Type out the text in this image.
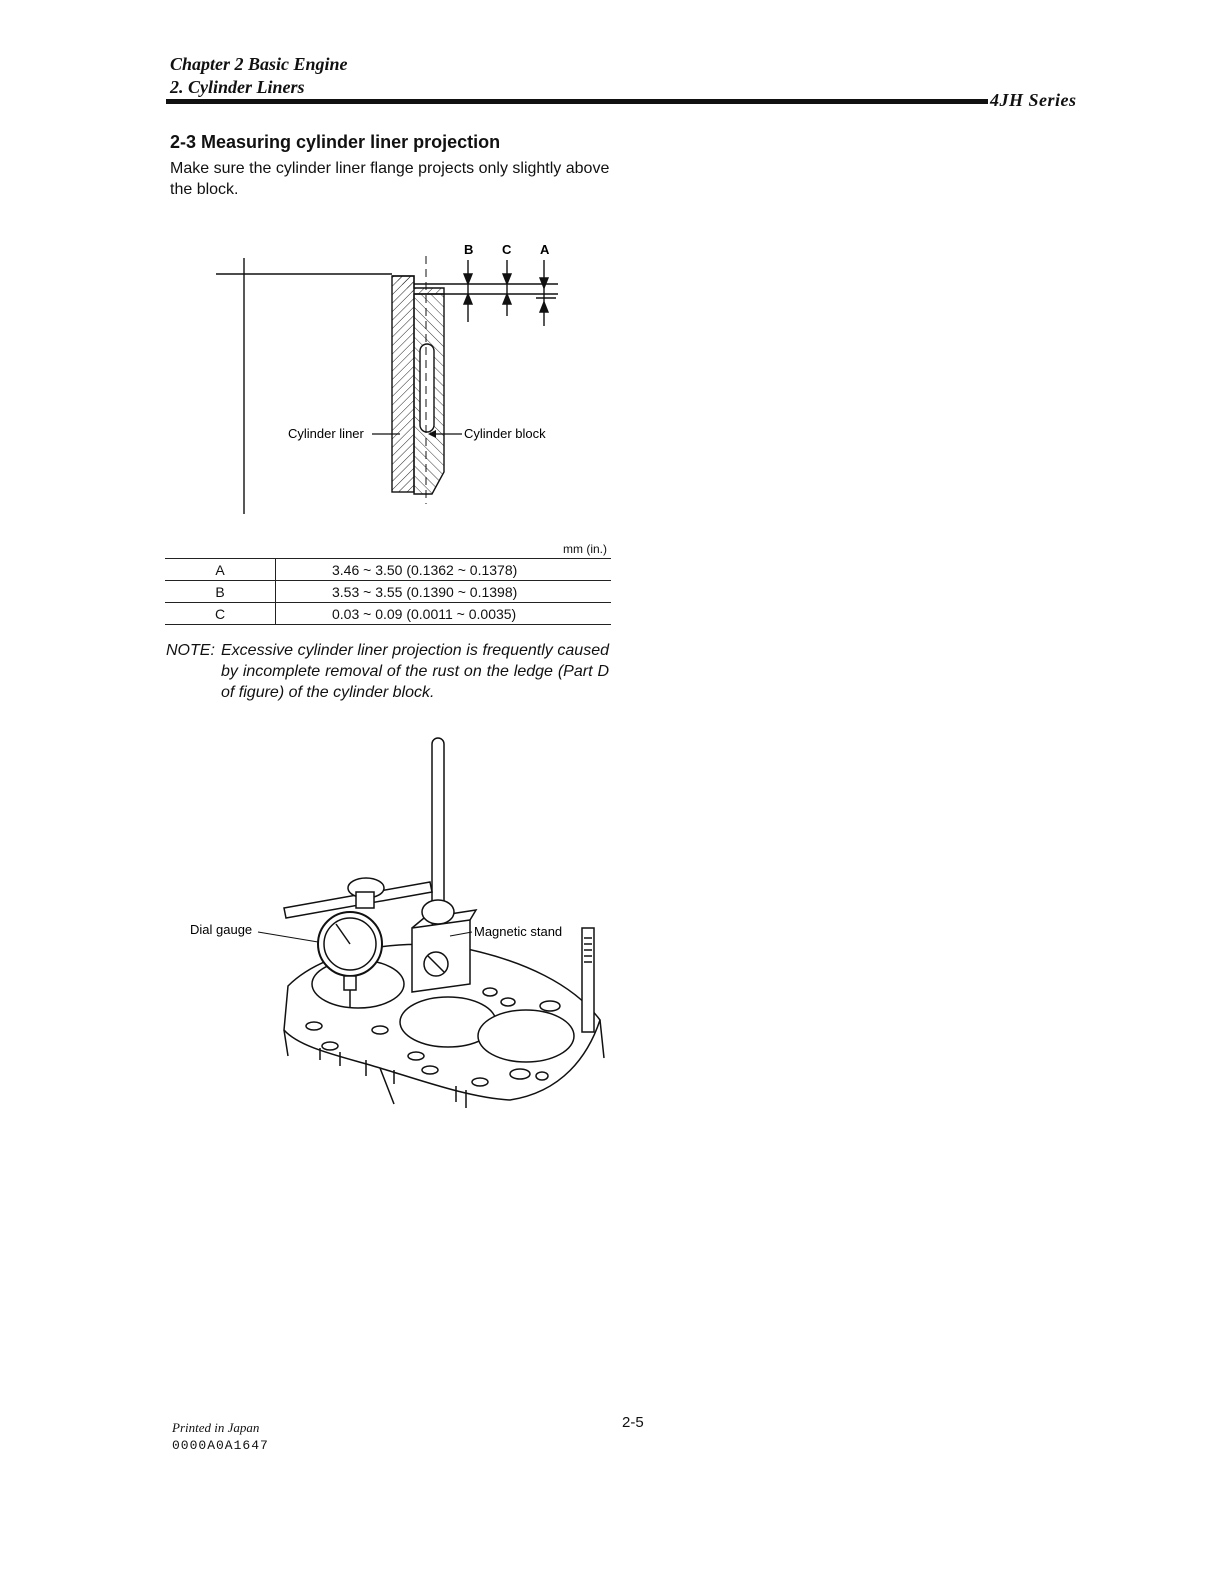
Chapter 2 Basic Engine
2. Cylinder Liners
4JH Series
2-3 Measuring cylinder liner projection
Make sure the cylinder liner flange projects only slightly above the block.
B C A
Cylinder liner	Cylinder block
mm (in.)
A	3.46 ~ 3.50 (0.1362 ~ 0.1378)
B	3.53 ~ 3.55 (0.1390 ~ 0.1398)
C	0.03 ~ 0.09 (0.0011 ~ 0.0035)
NOTE: Excessive cylinder liner projection is frequently caused by incomplete removal of the rust on the ledge (Part D of figure) of the cylinder block.
Dial gauge	Magnetic stand
Printed in Japan
0000A0A1647
2-5
